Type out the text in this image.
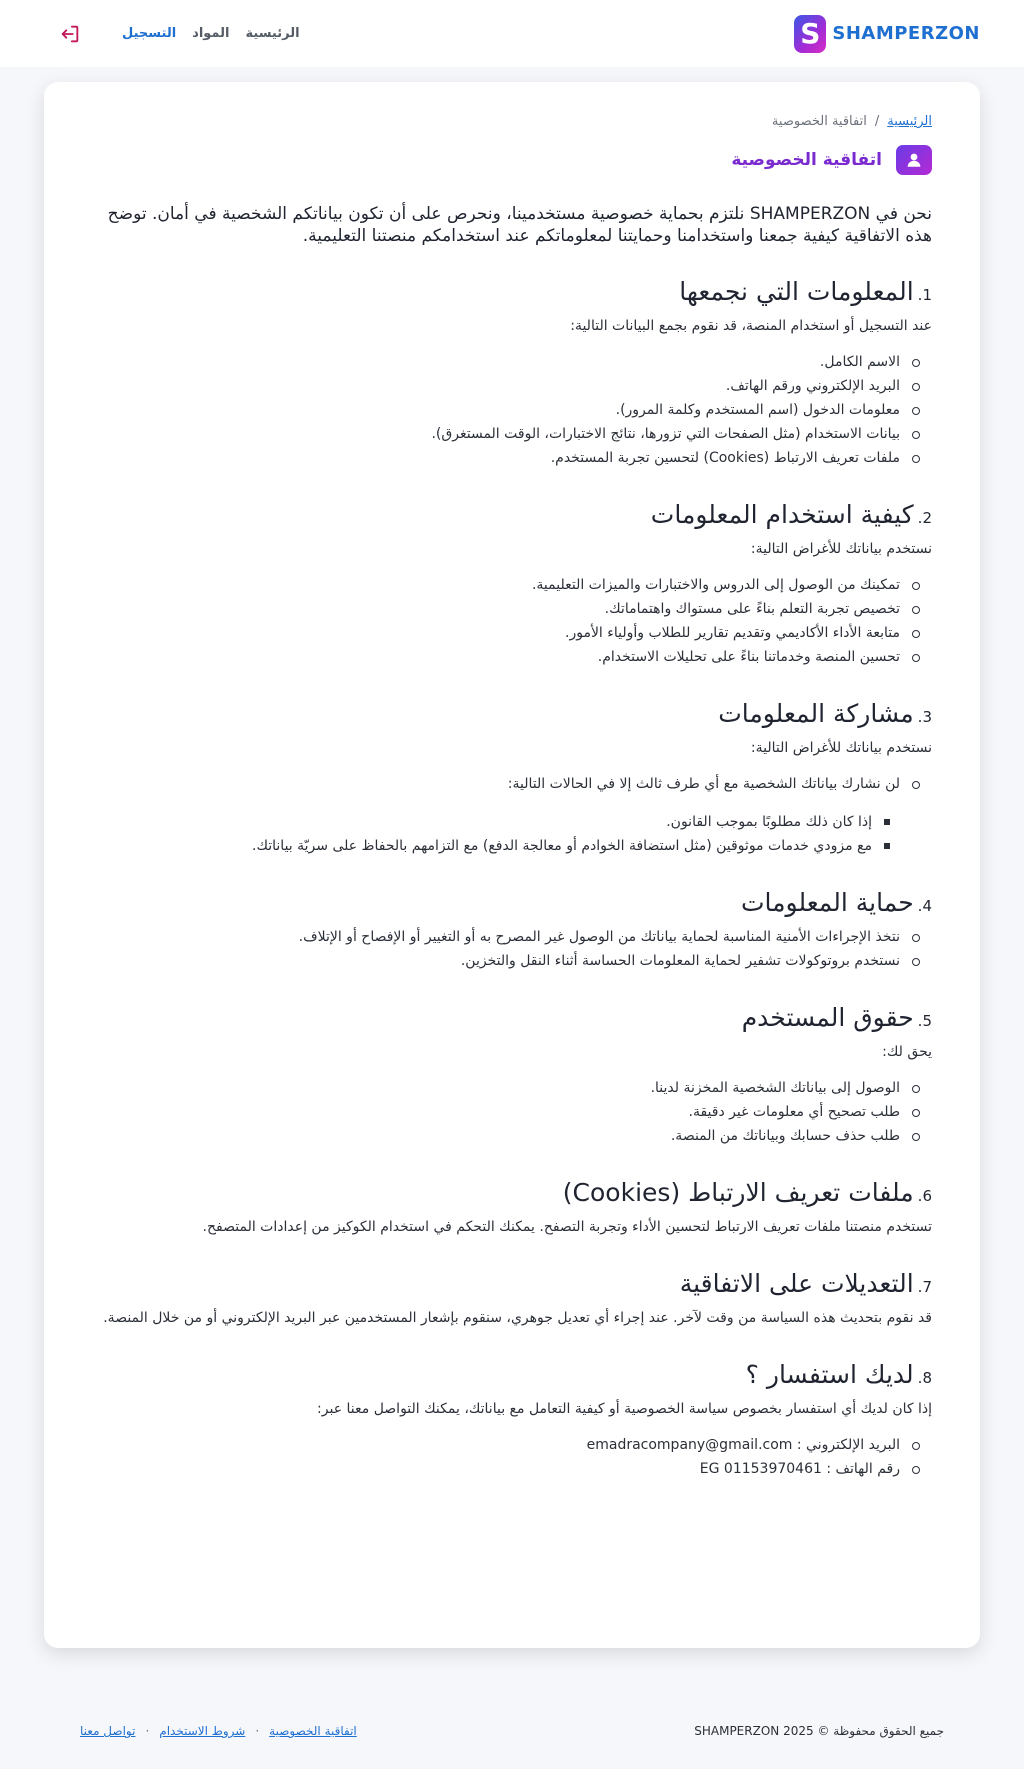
S SHAMPERZON
الرئيسية
المواد
التسجيل
الرئيسية
/
اتفاقية الخصوصية
اتفاقية الخصوصية

نحن في SHAMPERZON نلتزم بحماية خصوصية مستخدمينا، ونحرص على أن تكون بياناتكم الشخصية في أمان. توضح هذه الاتفاقية كيفية جمعنا واستخدامنا وحمايتنا لمعلوماتكم عند استخدامكم منصتنا التعليمية.

1.
المعلومات التي نجمعها

عند التسجيل أو استخدام المنصة، قد نقوم بجمع البيانات التالية:

الاسم الكامل.
البريد الإلكتروني ورقم الهاتف.
معلومات الدخول (اسم المستخدم وكلمة المرور).
بيانات الاستخدام (مثل الصفحات التي تزورها، نتائج الاختبارات، الوقت المستغرق).
ملفات تعريف الارتباط (Cookies) لتحسين تجربة المستخدم.
2.
كيفية استخدام المعلومات

نستخدم بياناتك للأغراض التالية:

تمكينك من الوصول إلى الدروس والاختبارات والميزات التعليمية.
تخصيص تجربة التعلم بناءً على مستواك واهتماماتك.
متابعة الأداء الأكاديمي وتقديم تقارير للطلاب وأولياء الأمور.
تحسين المنصة وخدماتنا بناءً على تحليلات الاستخدام.
3.
مشاركة المعلومات

نستخدم بياناتك للأغراض التالية:

لن نشارك بياناتك الشخصية مع أي طرف ثالث إلا في الحالات التالية:
إذا كان ذلك مطلوبًا بموجب القانون.
مع مزودي خدمات موثوقين (مثل استضافة الخوادم أو معالجة الدفع) مع التزامهم بالحفاظ على سريّة بياناتك.
4.
حماية المعلومات
نتخذ الإجراءات الأمنية المناسبة لحماية بياناتك من الوصول غير المصرح به أو التغيير أو الإفصاح أو الإتلاف.
نستخدم بروتوكولات تشفير لحماية المعلومات الحساسة أثناء النقل والتخزين.
5.
حقوق المستخدم

يحق لك:

الوصول إلى بياناتك الشخصية المخزنة لدينا.
طلب تصحيح أي معلومات غير دقيقة.
طلب حذف حسابك وبياناتك من المنصة.
6.
ملفات تعريف الارتباط (Cookies)

تستخدم منصتنا ملفات تعريف الارتباط لتحسين الأداء وتجربة التصفح. يمكنك التحكم في استخدام الكوكيز من إعدادات المتصفح.

7.
التعديلات على الاتفاقية

قد نقوم بتحديث هذه السياسة من وقت لآخر. عند إجراء أي تعديل جوهري، سنقوم بإشعار المستخدمين عبر البريد الإلكتروني أو من خلال المنصة.

8.
لديك استفسار ؟

إذا كان لديك أي استفسار بخصوص سياسة الخصوصية أو كيفية التعامل مع بياناتك، يمكنك التواصل معنا عبر:

البريد الإلكتروني : emadracompany@gmail.com
رقم الهاتف : EG 01153970461
جميع الحقوق محفوظة © 2025 SHAMPERZON
اتفاقية الخصوصية
·
شروط الاستخدام
·
تواصل معنا
